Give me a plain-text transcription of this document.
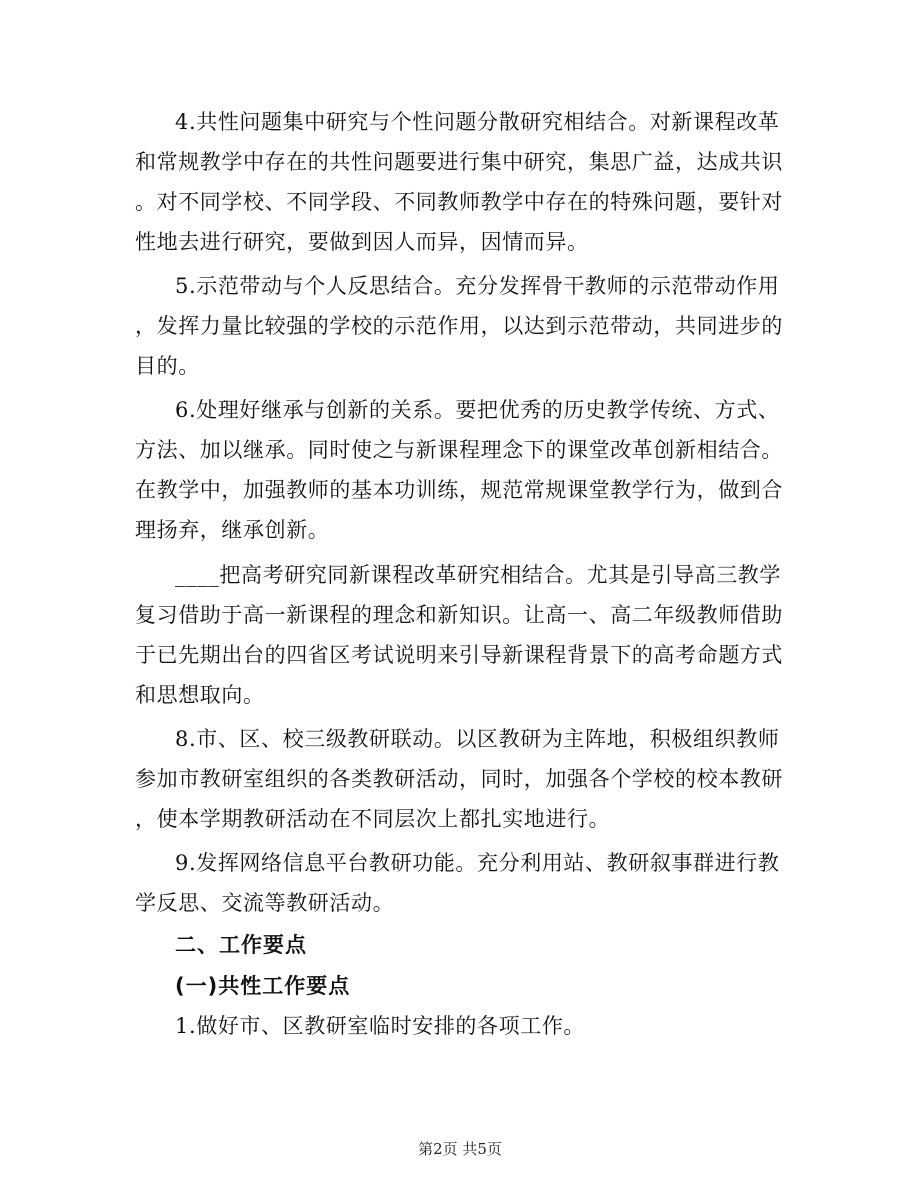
4.共性问题集中研究与个性问题分散研究相结合。对新课程改革
和常规教学中存在的共性问题要进行集中研究，集思广益，达成共识
。对不同学校、不同学段、不同教师教学中存在的特殊问题，要针对
性地去进行研究，要做到因人而异，因情而异。
5.示范带动与个人反思结合。充分发挥骨干教师的示范带动作用
，发挥力量比较强的学校的示范作用，以达到示范带动，共同进步的
目的。
6.处理好继承与创新的关系。要把优秀的历史教学传统、方式、
方法、加以继承。同时使之与新课程理念下的课堂改革创新相结合。
在教学中，加强教师的基本功训练，规范常规课堂教学行为，做到合
理扬弃，继承创新。
____把高考研究同新课程改革研究相结合。尤其是引导高三教学
复习借助于高一新课程的理念和新知识。让高一、高二年级教师借助
于已先期出台的四省区考试说明来引导新课程背景下的高考命题方式
和思想取向。
8.市、区、校三级教研联动。以区教研为主阵地，积极组织教师
参加市教研室组织的各类教研活动，同时，加强各个学校的校本教研
，使本学期教研活动在不同层次上都扎实地进行。
9.发挥网络信息平台教研功能。充分利用站、教研叙事群进行教
学反思、交流等教研活动。
二、工作要点
(一)共性工作要点
1.做好市、区教研室临时安排的各项工作。
第2页 共5页
